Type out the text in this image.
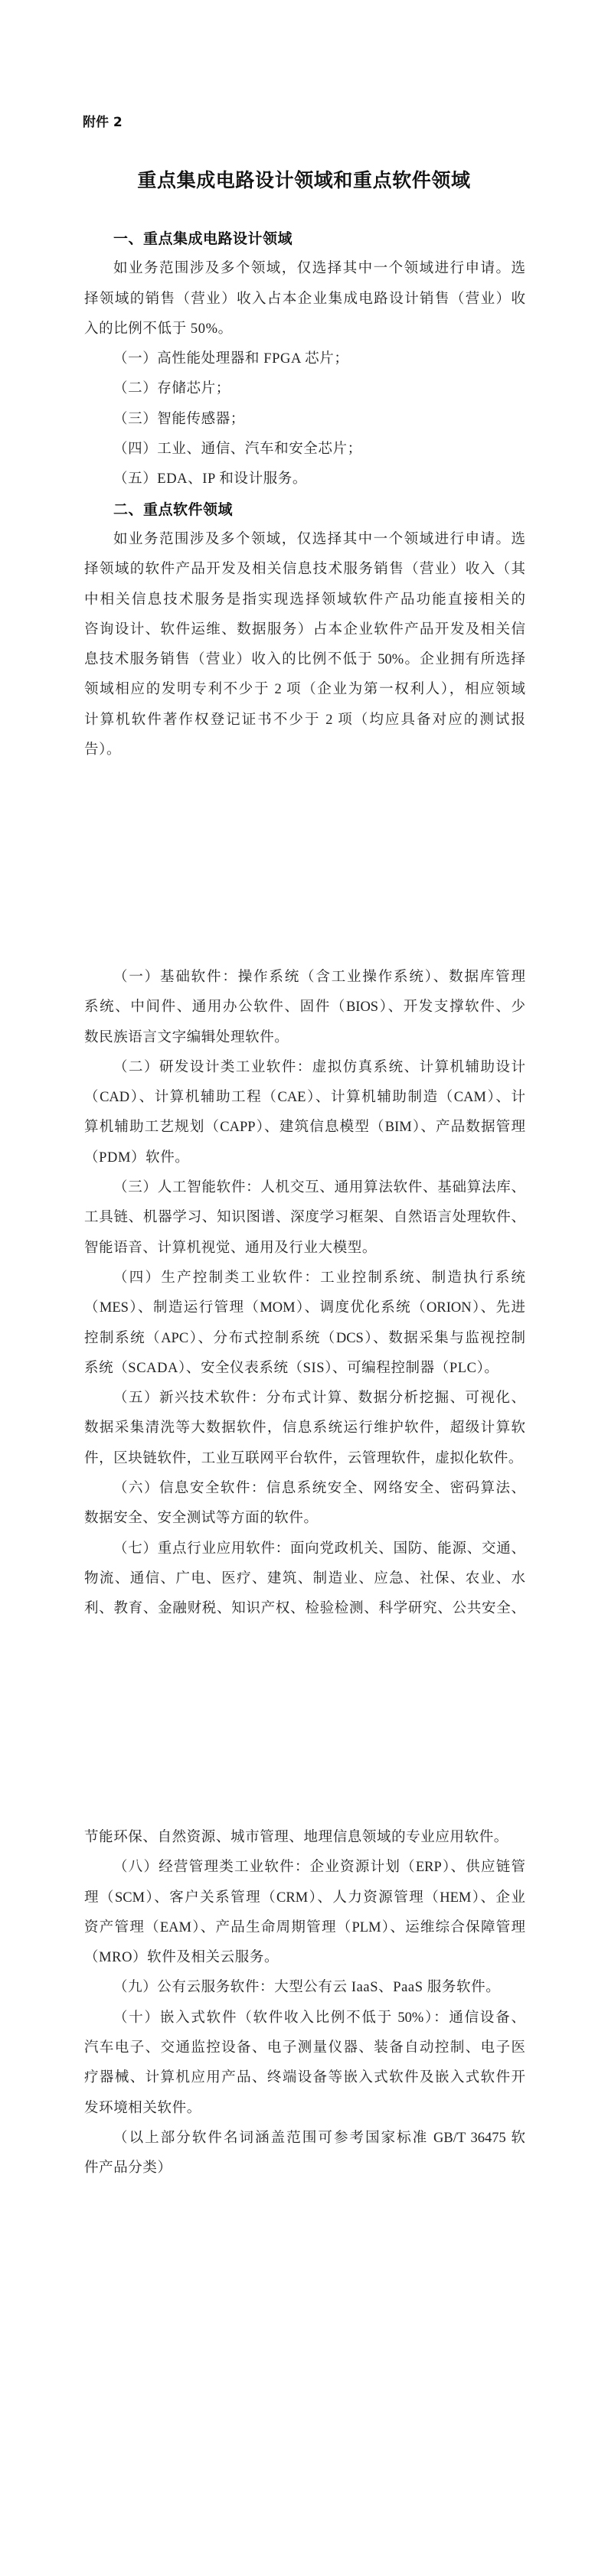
附件 2
重点集成电路设计领域和重点软件领域
一、重点集成电路设计领域
如业务范围涉及多个领域，仅选择其中一个领域进行申请。选
择领域的销售（营业）收入占本企业集成电路设计销售（营业）收
入的比例不低于 50%。
（一）高性能处理器和 FPGA 芯片；
（二）存储芯片；
（三）智能传感器；
（四）工业、通信、汽车和安全芯片；
（五）EDA、IP 和设计服务。
二、重点软件领域
如业务范围涉及多个领域，仅选择其中一个领域进行申请。选
择领域的软件产品开发及相关信息技术服务销售（营业）收入（其
中相关信息技术服务是指实现选择领域软件产品功能直接相关的
咨询设计、软件运维、数据服务）占本企业软件产品开发及相关信
息技术服务销售（营业）收入的比例不低于 50%。企业拥有所选择
领域相应的发明专利不少于 2 项（企业为第一权利人），相应领域
计算机软件著作权登记证书不少于 2 项（均应具备对应的测试报
告）。
（一）基础软件：操作系统（含工业操作系统）、数据库管理
系统、中间件、通用办公软件、固件（BIOS）、开发支撑软件、少
数民族语言文字编辑处理软件。
（二）研发设计类工业软件：虚拟仿真系统、计算机辅助设计
（CAD）、计算机辅助工程（CAE）、计算机辅助制造（CAM）、计
算机辅助工艺规划（CAPP）、建筑信息模型（BIM）、产品数据管理
（PDM）软件。
（三）人工智能软件：人机交互、通用算法软件、基础算法库、
工具链、机器学习、知识图谱、深度学习框架、自然语言处理软件、
智能语音、计算机视觉、通用及行业大模型。
（四）生产控制类工业软件：工业控制系统、制造执行系统
（MES）、制造运行管理（MOM）、调度优化系统（ORION）、先进
控制系统（APC）、分布式控制系统（DCS）、数据采集与监视控制
系统（SCADA）、安全仪表系统（SIS）、可编程控制器（PLC）。
（五）新兴技术软件：分布式计算、数据分析挖掘、可视化、
数据采集清洗等大数据软件，信息系统运行维护软件，超级计算软
件，区块链软件，工业互联网平台软件，云管理软件，虚拟化软件。
（六）信息安全软件：信息系统安全、网络安全、密码算法、
数据安全、安全测试等方面的软件。
（七）重点行业应用软件：面向党政机关、国防、能源、交通、
物流、通信、广电、医疗、建筑、制造业、应急、社保、农业、水
利、教育、金融财税、知识产权、检验检测、科学研究、公共安全、
节能环保、自然资源、城市管理、地理信息领域的专业应用软件。
（八）经营管理类工业软件：企业资源计划（ERP）、供应链管
理（SCM）、客户关系管理（CRM）、人力资源管理（HEM）、企业
资产管理（EAM）、产品生命周期管理（PLM）、运维综合保障管理
（MRO）软件及相关云服务。
（九）公有云服务软件：大型公有云 IaaS、PaaS 服务软件。
（十）嵌入式软件（软件收入比例不低于 50%）：通信设备、
汽车电子、交通监控设备、电子测量仪器、装备自动控制、电子医
疗器械、计算机应用产品、终端设备等嵌入式软件及嵌入式软件开
发环境相关软件。
（以上部分软件名词涵盖范围可参考国家标准 GB/T 36475 软
件产品分类）
